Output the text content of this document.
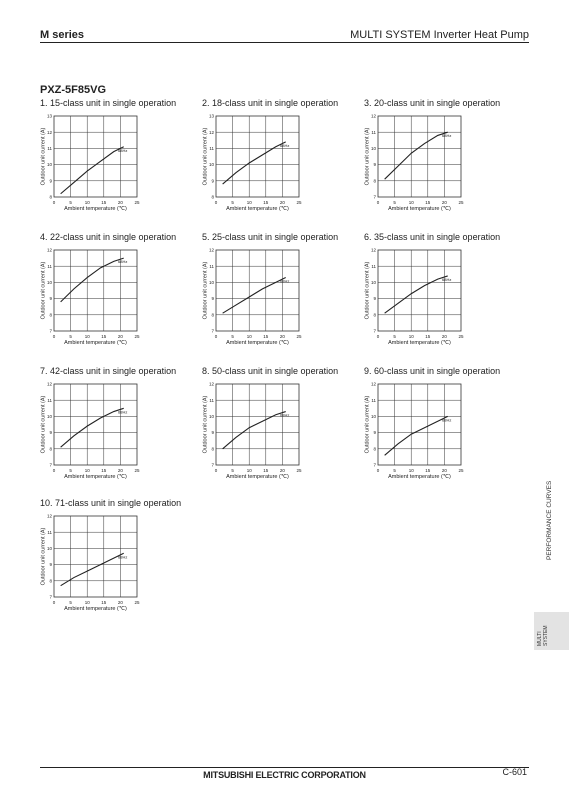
M series	MULTI SYSTEM Inverter Heat Pump
PXZ-5F85VG
1. 15-class unit in single operation
0	5	10	15	20	25
8
9
10
11
12
13
68Hz
Ambient temperature (℃)
Outdoor unit current (A)
2. 18-class unit in single operation
0	5	10	15	20	25
8
9
10
11
12
13
68Hz
Ambient temperature (℃)
Outdoor unit current (A)
3. 20-class unit in single operation
0	5	10	15	20	25
7
8
9
10
11
12
68Hz
Ambient temperature (℃)
Outdoor unit current (A)
4. 22-class unit in single operation
0	5	10	15	20	25
7
8
9
10
11
12
68Hz
Ambient temperature (℃)
Outdoor unit current (A)
5. 25-class unit in single operation
0	5	10	15	20	25
7
8
9
10
11
12
68Hz
Ambient temperature (℃)
Outdoor unit current (A)
6. 35-class unit in single operation
0	5	10	15	20	25
7
8
9
10
11
12
68Hz
Ambient temperature (℃)
Outdoor unit current (A)
7. 42-class unit in single operation
0	5	10	15	20	25
7
8
9
10
11
12
68Hz
Ambient temperature (℃)
Outdoor unit current (A)
8. 50-class unit in single operation
0	5	10	15	20	25
7
8
9
10
11
12
68Hz
Ambient temperature (℃)
Outdoor unit current (A)
9. 60-class unit in single operation
0	5	10	15	20	25
7
8
9
10
11
12
68Hz
Ambient temperature (℃)
Outdoor unit current (A)
10. 71-class unit in single operation
0	5	10	15	20	25
7
8
9
10
11
12
68Hz
Ambient temperature (℃)
Outdoor unit current (A)	PERFORMANCE CURVES
MULTI SYSTEM
MITSUBISHI ELECTRIC CORPORATION	C-601
